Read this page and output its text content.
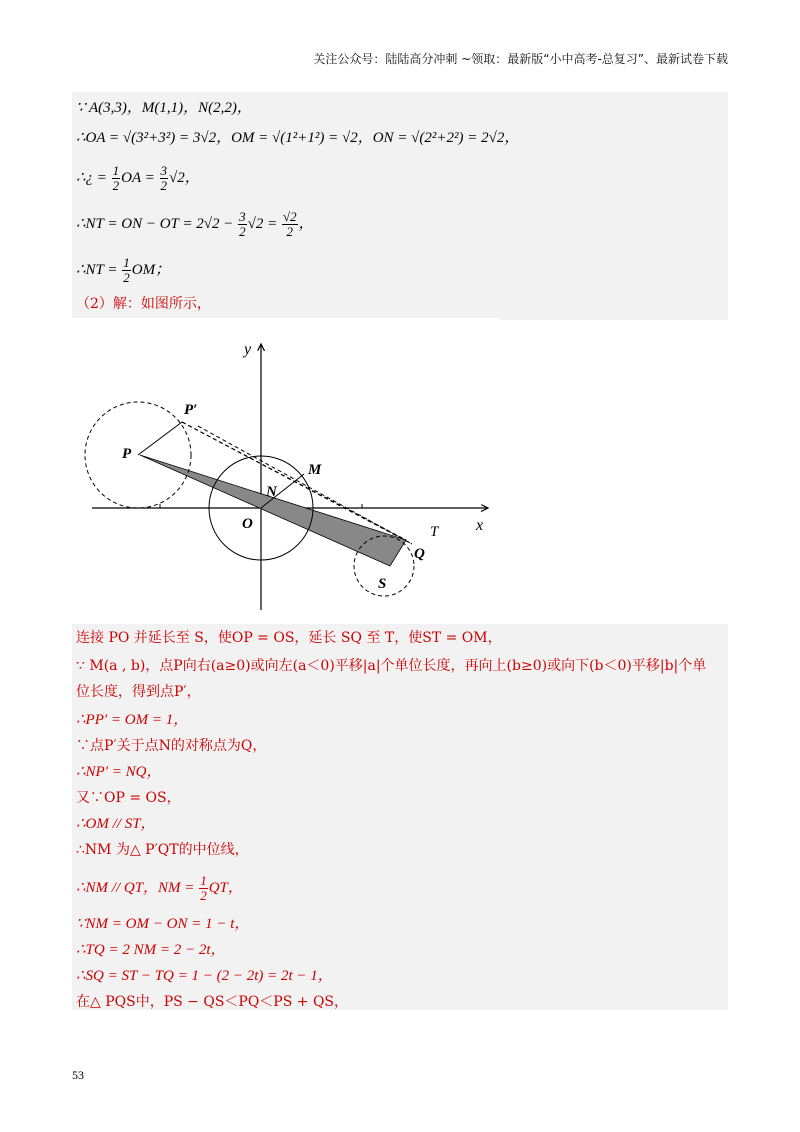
关注公众号：陆陆高分冲刺 ~领取：最新版“小中高考-总复习”、最新试卷下载
∵ A(3,3)，M(1,1)，N(2,2)，
∴OA = √(3²+3²) = 3√2，OM = √(1²+1²) = √2，ON = √(2²+2²) = 2√2，
∴¿ = $\frac{1}{2}$ OA = $\frac{3}{2} √2$，
∴NT = ON − OT = $2√2 - \frac{3}{2} √2 = \frac{√2}{2}$ ，
∴NT = $\frac{1}{2}$ OM；
（2）解：如图所示，
y
x
P
P′
M
N
O	T
Q
S
连接 PO 并延长至 S，使OP = OS，延长 SQ 至 T，使ST = OM，
∵ M(a , b)，点P向右(a≥0)或向左(a＜0)平移|a|个单位长度，再向上(b≥0)或向下(b＜0)平移|b|个单
位长度，得到点P′，
∴PP′ = OM = 1，
∵点P′关于点N的对称点为Q，
∴NP′ = NQ，
又∵OP = OS，
∴OM // ST，
∴NM 为△ P′QT的中位线，
∴NM // QT，NM = $\frac{1}{2}$ QT，
∵NM = OM − ON = 1 − t，
∴TQ = 2 NM = 2 − 2t，
∴SQ = ST − TQ = 1 − (2 − 2t) = 2t − 1，
在△ PQS中，PS − QS＜PQ＜PS + QS，
53
